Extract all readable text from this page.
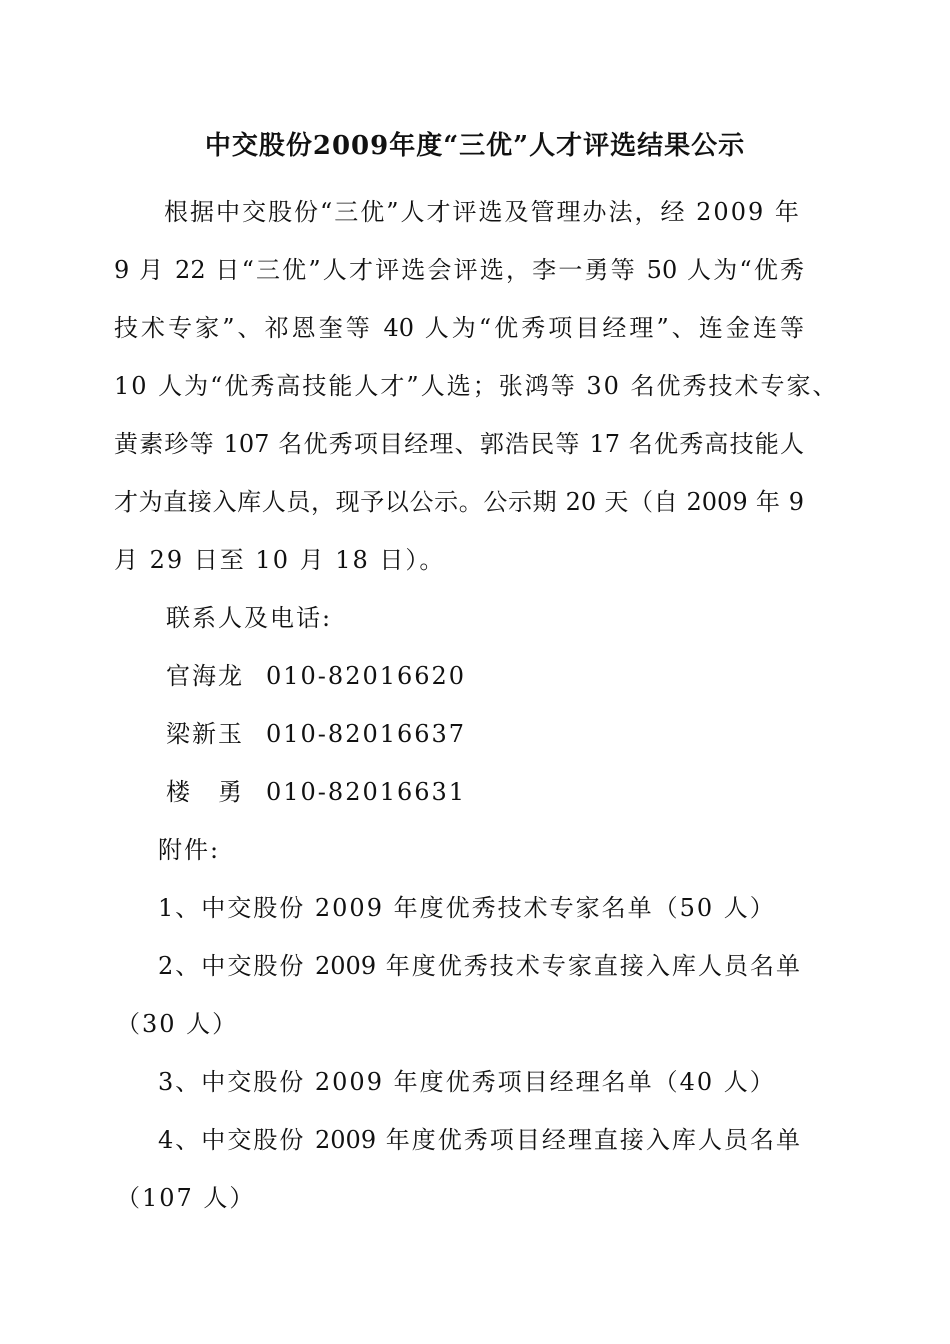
中交股份2009年度“三优”人才评选结果公示
根据中交股份“三优”人才评选及管理办法，经 2009 年
9 月 22 日“三优”人才评选会评选，李一勇等 50 人为“优秀
技术专家”、祁恩奎等 40 人为“优秀项目经理”、连金连等
10 人为“优秀高技能人才”人选；张鸿等 30 名优秀技术专家、
黄素珍等 107 名优秀项目经理、郭浩民等 17 名优秀高技能人
才为直接入库人员，现予以公示。公示期 20 天（自 2009 年 9
月 29 日至 10 月 18 日）。
联系人及电话:
官海龙 010-82016620
梁新玉 010-82016637
楼 勇 010-82016631
附件:
1、中交股份 2009 年度优秀技术专家名单（50 人）
2、中交股份 2009 年度优秀技术专家直接入库人员名单
（30 人）
3、中交股份 2009 年度优秀项目经理名单（40 人）
4、中交股份 2009 年度优秀项目经理直接入库人员名单
（107 人）
